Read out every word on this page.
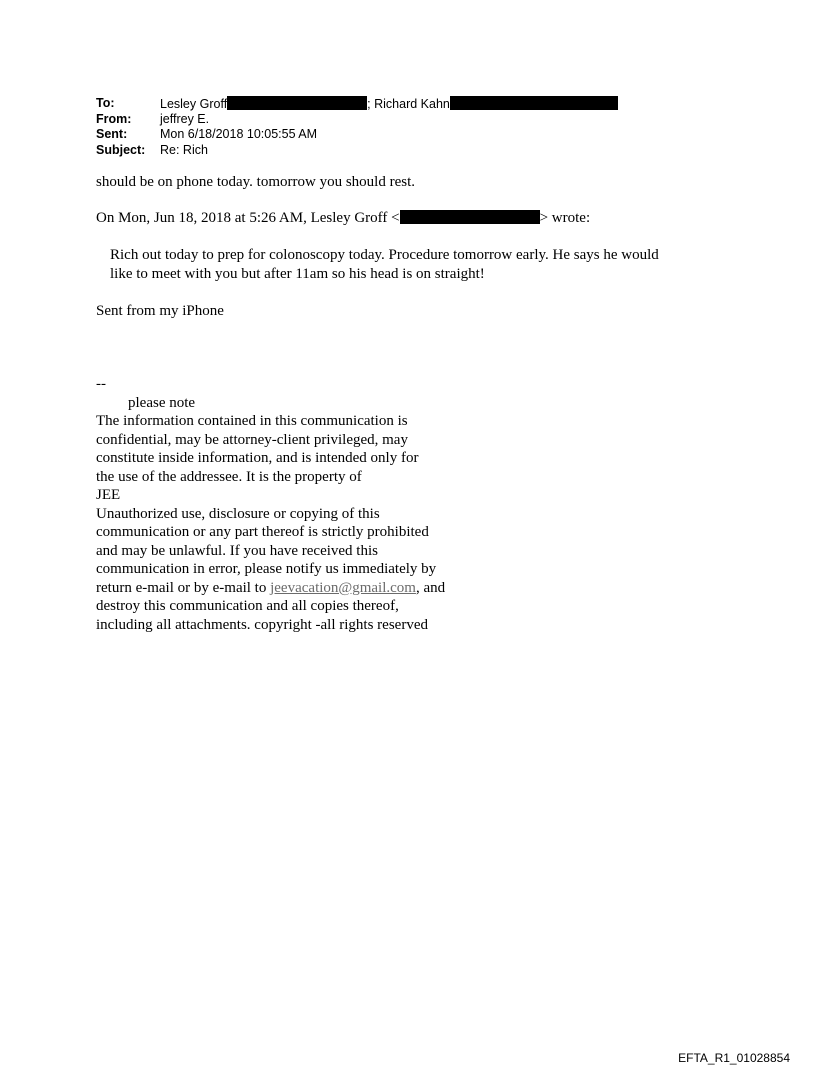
To:	Lesley Groff	; Richard Kahn
From: jeffrey E.
Sent:	Mon 6/18/2018 10:05:55 AM
Subject: Re: Rich
should be on phone today. tomorrow you should rest.
On Mon, Jun 18, 2018 at 5:26 AM, Lesley Groff <	> wrote:
Rich out today to prep for colonoscopy today. Procedure tomorrow early. He says he would
like to meet with you but after 11am so his head is on straight!
Sent from my iPhone
--
please note
The information contained in this communication is
confidential, may be attorney-client privileged, may
constitute inside information, and is intended only for
the use of the addressee. It is the property of
JEE
Unauthorized use, disclosure or copying of this
communication or any part thereof is strictly prohibited
and may be unlawful. If you have received this
communication in error, please notify us immediately by
return e-mail or by e-mail to jeevacation@gmail.com, and
destroy this communication and all copies thereof,
including all attachments. copyright -all rights reserved
EFTA_R1_01028854
